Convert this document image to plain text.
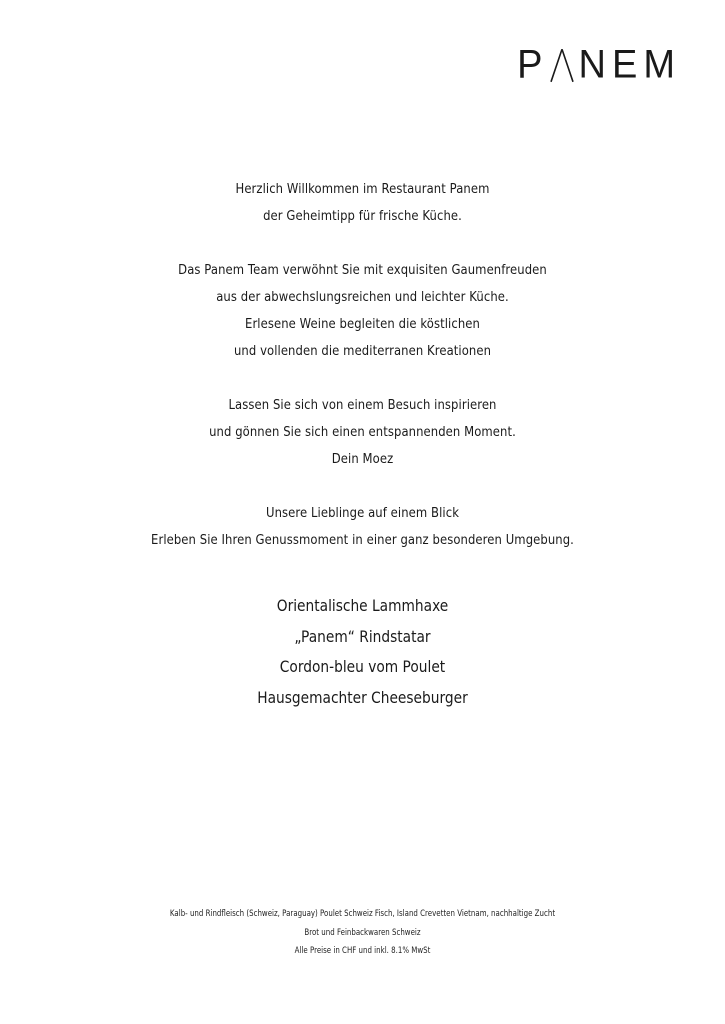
P N E M
Herzlich Willkommen im Restaurant Panem
der Geheimtipp für frische Küche.
Das Panem Team verwöhnt Sie mit exquisiten Gaumenfreuden
aus der abwechslungsreichen und leichter Küche.
Erlesene Weine begleiten die köstlichen
und vollenden die mediterranen Kreationen
Lassen Sie sich von einem Besuch inspirieren
und gönnen Sie sich einen entspannenden Moment.
Dein Moez
Unsere Lieblinge auf einem Blick
Erleben Sie Ihren Genussmoment in einer ganz besonderen Umgebung.
Orientalische Lammhaxe
„Panem“ Rindstatar
Cordon-bleu vom Poulet
Hausgemachter Cheeseburger
Kalb- und Rindfleisch (Schweiz, Paraguay) Poulet Schweiz Fisch, Island Crevetten Vietnam, nachhaltige Zucht
Brot und Feinbackwaren Schweiz
Alle Preise in CHF und inkl. 8.1% MwSt
